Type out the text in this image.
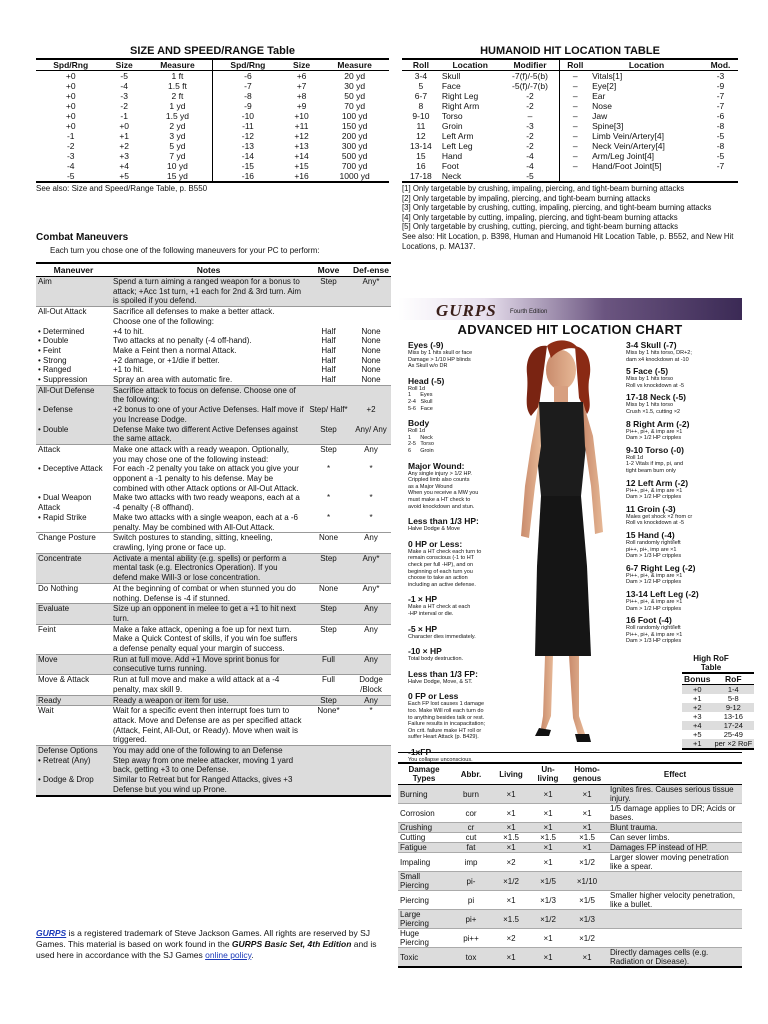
SIZE AND SPEED/RANGE Table
Spd/Rng	Size	Measure	Spd/Rng	Size	Measure
+0	-5	1 ft	-6	+6	20 yd
+0	-4	1.5 ft	-7	+7	30 yd
+0	-3	2 ft	-8	+8	50 yd
+0	-2	1 yd	-9	+9	70 yd
+0	-1	1.5 yd	-10	+10	100 yd
+0	+0	2 yd	-11	+11	150 yd
-1	+1	3 yd	-12	+12	200 yd
-2	+2	5 yd	-13	+13	300 yd
-3	+3	7 yd	-14	+14	500 yd
-4	+4	10 yd	-15	+15	700 yd
-5	+5	15 yd	-16	+16	1000 yd
See also: Size and Speed/Range Table, p. B550
HUMANOID HIT LOCATION TABLE
Roll	Location	Modifier	Roll	Location	Mod.
3-4	Skull	-7(f)/-5(b)	–	Vitals[1]	-3
5	Face	-5(f)/-7(b)	–	Eye[2]	-9
6-7	Right Leg	-2	–	Ear	-7
8	Right Arm	-2	–	Nose	-7
9-10	Torso	–	–	Jaw	-6
11	Groin	-3	–	Spine[3]	-8
12	Left Arm	-2	–	Limb Vein/Artery[4]	-5
13-14	Left Leg	-2	–	Neck Vein/Artery[4]	-8
15	Hand	-4	–	Arm/Leg Joint[4]	-5
16	Foot	-4	–	Hand/Foot Joint[5]	-7
17-18	Neck	-5			
[1] Only targetable by crushing, impaling, piercing, and tight-beam burning attacks
[2] Only targetable by impaling, piercing, and tight-beam burning attacks
[3] Only targetable by crushing, cutting, impaling, piercing, and tight-beam burning attacks
[4] Only targetable by cutting, impaling, piercing, and tight-beam burning attacks
[5] Only targetable by crushing, cutting, piercing, and tight-beam burning attacks
See also: Hit Location, p. B398, Human and Humanoid Hit Location Table, p. B552, and New Hit Locations, p. MA137.
Combat Maneuvers
Each turn you chose one of the following maneuvers for your PC to perform:
Maneuver	Notes	Move	Def-ense
Aim	Spend a turn aiming a ranged weapon for a bonus to attack; +Acc 1st turn, +1 each for 2nd & 3rd turn. Aim is spoiled if you defend.	Step	Any*
All-Out Attack	Sacrifice all defenses to make a better attack. Choose one of the following:		
• Determined	+4 to hit.	Half	None
• Double	Two attacks at no penalty (-4 off-hand).	Half	None
• Feint	Make a Feint then a normal Attack.	Half	None
• Strong	+2 damage, or +1/die if better.	Half	None
• Ranged	+1 to hit.	Half	None
• Suppression	Spray an area with automatic fire.	Half	None
All-Out Defense	Sacrifice attack to focus on defense. Choose one of the following:		
• Defense	+2 bonus to one of your Active Defenses. Half move if you Increase Dodge.	Step/ Half*	+2
• Double	Defense Make two different Active Defenses against the same attack.	Step	Any/ Any
Attack	Make one attack with a ready weapon. Optionally, you may chose one of the following instead:	Step	Any
• Deceptive Attack	For each -2 penalty you take on attack you give your opponent a -1 penalty to his defense. May be combined with other Attack options or All-Out Attack.	*	*
• Dual Weapon Attack	Make two attacks with two ready weapons, each at a -4 penalty (-8 offhand).	*	*
• Rapid Strike	Make two attacks with a single weapon, each at a -6 penalty. May be combined with All-Out Attack.	*	*
Change Posture	Switch postures to standing, sitting, kneeling, crawling, lying prone or face up.	None	Any
Concentrate	Activate a mental ability (e.g. spells) or perform a mental task (e.g. Electronics Operation). If you defend make Will-3 or lose concentration.	Step	Any*
Do Nothing	At the beginning of combat or when stunned you do nothing. Defense is -4 if stunned.	None	Any*
Evaluate	Size up an opponent in melee to get a +1 to hit next turn.	Step	Any
Feint	Make a fake attack, opening a foe up for next turn. Make a Quick Contest of skills, if you win foe suffers a defense penalty equal your margin of success.	Step	Any
Move	Run at full move. Add +1 Move sprint bonus for consecutive turns running.	Full	Any
Move & Attack	Run at full move and make a wild attack at a -4 penalty, max skill 9.	Full	Dodge /Block
Ready	Ready a weapon or item for use.	Step	Any
Wait	Wait for a specific event then interrupt foes turn to attack. Move and Defense are as per specified attack (Attack, Feint, All-Out, or Ready). Move when wait is triggered.	None*	*
Defense Options	You may add one of the following to an Defense		
• Retreat (Any)	Step away from one melee attacker, moving 1 yard back, getting +3 to one Defense.		
• Dodge & Drop	Similar to Retreat but for Ranged Attacks, gives +3 Defense but you wind up Prone.		
GURPS is a registered trademark of Steve Jackson Games. All rights are reserved by SJ Games. This material is based on work found in the GURPS Basic Set, 4th Edition and is used here in accordance with the SJ Games online policy.
GURPS Fourth Edition
ADVANCED HIT LOCATION CHART
Eyes (-9)
Miss by 1 hits skull or face
Damage > 1/10 HP blinds
As Skull w/o DR
Head (-5)
Roll 1d
1      Eyes
2-4   Skull
5-6   Face
Body
Roll 1d
1      Neck
2-5   Torso
6      Groin
Major Wound:
Any single injury > 1/2 HP.
Crippled limb also counts
as a Major Wound
When you receive a MW you
must make a HT check to
avoid knockdown and stun.
Less than 1/3 HP:
Halve Dodge & Move
0 HP or Less:
Make a HT check each turn to
remain conscious (-1 to HT
check per full -HP), and on
beginning of each turn you
choose to take an action
including an active defense.
-1 × HP
Make a HT check at each
-HP interval or die.
-5 × HP
Character dies immediately.
-10 × HP
Total body destruction.
Less than 1/3 FP:
Halve Dodge, Move, & ST.
0 FP or Less
Each FP lost causes 1 damage
too. Make Will roll each turn do
to anything besides talk or rest.
Failure results in incapacitation;
On crit. failure make HT roll or
suffer Heart Attack (p. B429).
-1xFP
You collapse unconscious.
3-4 Skull (-7)
Miss by 1 hits torso, DR+2;
dam x4 knockdown at -10
5 Face (-5)
Miss by 1 hits torso
Roll vs knockdown at -5
17-18 Neck (-5)
Miss by 1 hits torso
Crush ×1.5, cutting ×2
8 Right Arm (-2)
Pi++, pi+, & imp are ×1
Dam > 1/2 HP cripples
9-10 Torso (-0)
Roll 1d
1-2 Vitals if imp, pi, and
tight beam burn only
12 Left Arm (-2)
Pi++, pi+, & imp are ×1
Dam > 1/2 HP cripples
11 Groin (-3)
Males get shock ×2 from cr
Roll vs knockdown at -5
15 Hand (-4)
Roll randomly right/left
pi++, pi+, imp are ×1
Dam > 1/3 HP cripples
6-7 Right Leg (-2)
Pi++, pi+, & imp are ×1
Dam > 1/2 HP cripples
13-14 Left Leg (-2)
Pi++, pi+, & imp are ×1
Dam > 1/2 HP cripples
16 Foot (-4)
Roll randomly right/left
Pi++, pi+, & imp are ×1
Dam > 1/3 HP cripples
High RoF Table
Bonus	RoF
+0	1-4
+1	5-8
+2	9-12
+3	13-16
+4	17-24
+5	25-49
+1	per ×2 RoF
Damage Types	Abbr.	Living	Un-living	Homo-genous	Effect
Burning	burn	×1	×1	×1	Ignites fires. Causes serious tissue injury.
Corrosion	cor	×1	×1	×1	1/5 damage applies to DR; Acids or bases.
Crushing	cr	×1	×1	×1	Blunt trauma.
Cutting	cut	×1.5	×1.5	×1.5	Can sever limbs.
Fatigue	fat	×1	×1	×1	Damages FP instead of HP.
Impaling	imp	×2	×1	×1/2	Larger slower moving penetration like a spear.
Small Piercing	pi-	×1/2	×1/5	×1/10	
Piercing	pi	×1	×1/3	×1/5	Smaller higher velocity penetration, like a bullet.
Large Piercing	pi+	×1.5	×1/2	×1/3	
Huge Piercing	pi++	×2	×1	×1/2	
Toxic	tox	×1	×1	×1	Directly damages cells (e.g. Radiation or Disease).
